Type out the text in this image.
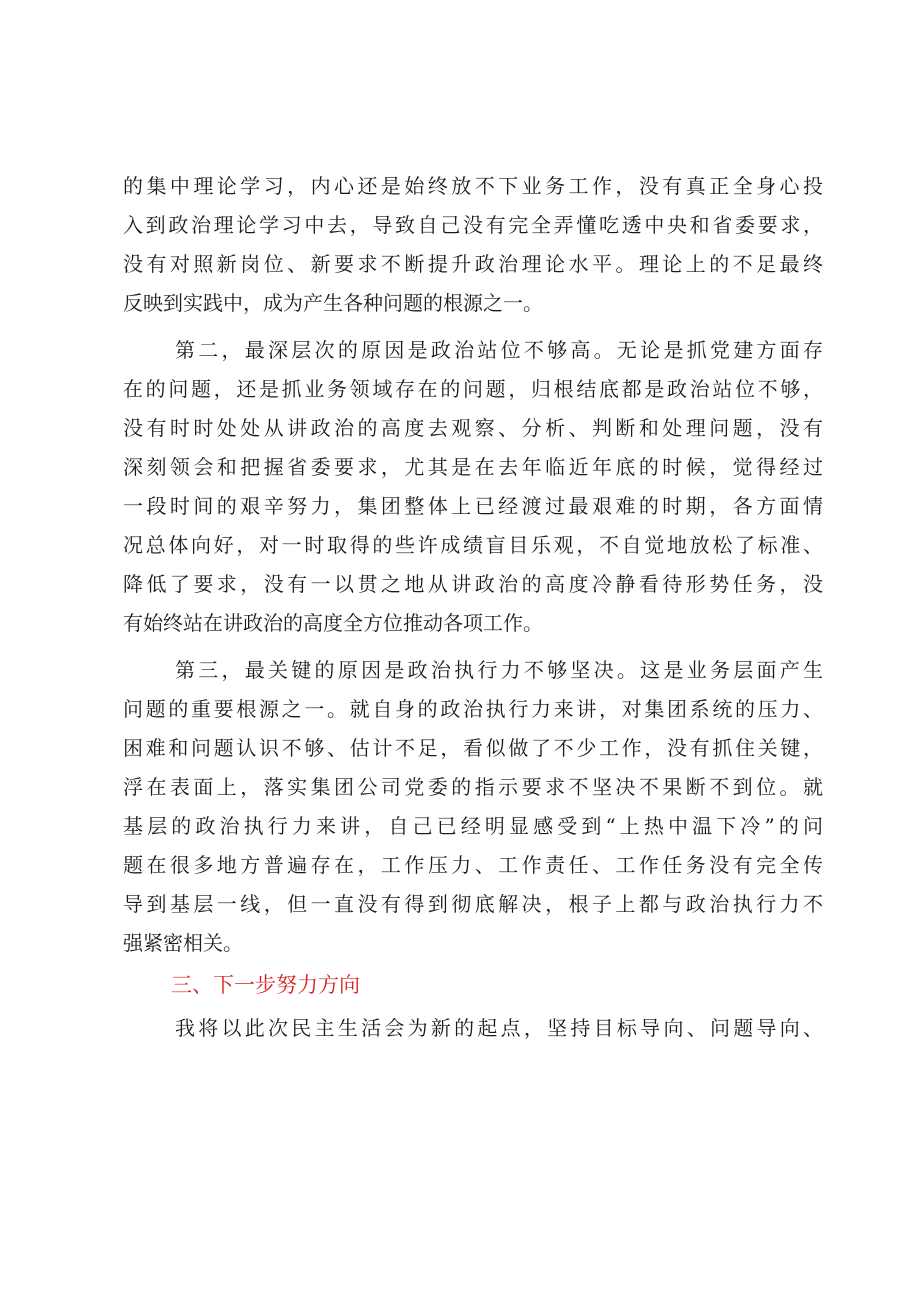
的集中理论学习，内心还是始终放不下业务工作，没有真正全身心投
入到政治理论学习中去，导致自己没有完全弄懂吃透中央和省委要求，
没有对照新岗位、新要求不断提升政治理论水平。理论上的不足最终
反映到实践中，成为产生各种问题的根源之一。
第二，最深层次的原因是政治站位不够高。无论是抓党建方面存
在的问题，还是抓业务领域存在的问题，归根结底都是政治站位不够，
没有时时处处从讲政治的高度去观察、分析、判断和处理问题，没有
深刻领会和把握省委要求，尤其是在去年临近年底的时候，觉得经过
一段时间的艰辛努力，集团整体上已经渡过最艰难的时期，各方面情
况总体向好，对一时取得的些许成绩盲目乐观，不自觉地放松了标准、
降低了要求，没有一以贯之地从讲政治的高度冷静看待形势任务，没
有始终站在讲政治的高度全方位推动各项工作。
第三，最关键的原因是政治执行力不够坚决。这是业务层面产生
问题的重要根源之一。就自身的政治执行力来讲，对集团系统的压力、
困难和问题认识不够、估计不足，看似做了不少工作，没有抓住关键，
浮在表面上，落实集团公司党委的指示要求不坚决不果断不到位。就
基层的政治执行力来讲，自己已经明显感受到“上热中温下冷”的问
题在很多地方普遍存在，工作压力、工作责任、工作任务没有完全传
导到基层一线，但一直没有得到彻底解决，根子上都与政治执行力不
强紧密相关。
三、下一步努力方向
我将以此次民主生活会为新的起点，坚持目标导向、问题导向、
